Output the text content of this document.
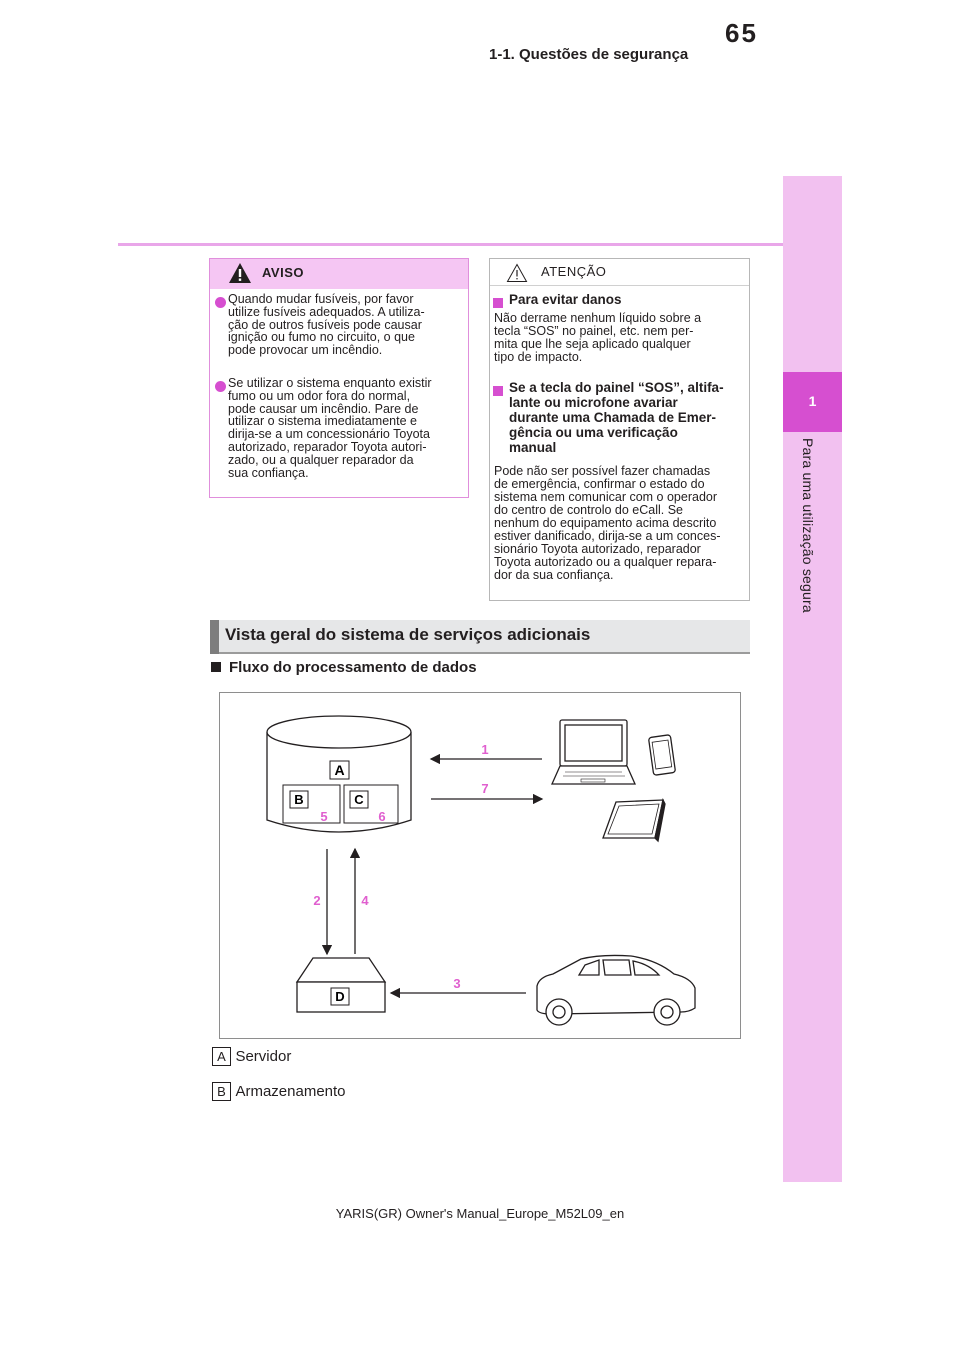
65
1-1. Questões de segurança
1
Para uma utilização segura
AVISO
Quando mudar fusíveis, por favor
utilize fusíveis adequados. A utiliza-
ção de outros fusíveis pode causar
ignição ou fumo no circuito, o que
pode provocar um incêndio.
Se utilizar o sistema enquanto existir
fumo ou um odor fora do normal,
pode causar um incêndio. Pare de
utilizar o sistema imediatamente e
dirija-se a um concessionário Toyota
autorizado, reparador Toyota autori-
zado, ou a qualquer reparador da
sua confiança.
ATENÇÃO
Para evitar danos
Não derrame nenhum líquido sobre a
tecla “SOS” no painel, etc. nem per-
mita que lhe seja aplicado qualquer
tipo de impacto.
Se a tecla do painel “SOS”, altifa-
lante ou microfone avariar
durante uma Chamada de Emer-
gência ou uma verificação
manual
Pode não ser possível fazer chamadas
de emergência, confirmar o estado do
sistema nem comunicar com o operador
do centro de controlo do eCall. Se
nenhum do equipamento acima descrito
estiver danificado, dirija-se a um conces-
sionário Toyota autorizado, reparador
Toyota autorizado ou a qualquer repara-
dor da sua confiança.
Vista geral do sistema de serviços adicionais
Fluxo do processamento de dados
A
B	C
5	6
1
7
2	4
D
3
A Servidor
B Armazenamento
YARIS(GR) Owner's Manual_Europe_M52L09_en
